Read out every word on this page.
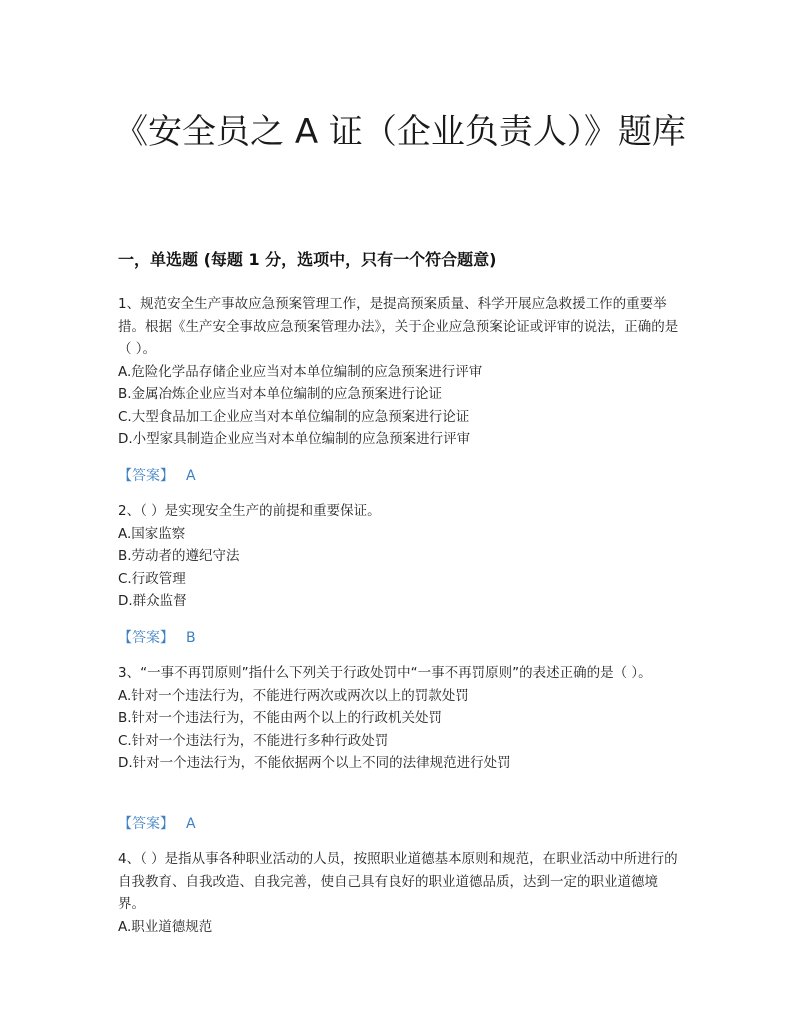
《安全员之 A 证（企业负责人）》题库
一，单选题 (每题 1 分，选项中，只有一个符合题意)

1、规范安全生产事故应急预案管理工作，是提高预案质量、科学开展应急救援工作的重要举措。根据《生产安全事故应急预案管理办法》，关于企业应急预案论证或评审的说法，正确的是（ ）。

A.危险化学品存储企业应当对本单位编制的应急预案进行评审

B.金属冶炼企业应当对本单位编制的应急预案进行论证

C.大型食品加工企业应当对本单位编制的应急预案进行论证

D.小型家具制造企业应当对本单位编制的应急预案进行评审

【答案】 A

2、（ ）是实现安全生产的前提和重要保证。

A.国家监察

B.劳动者的遵纪守法

C.行政管理

D.群众监督

【答案】 B

3、“一事不再罚原则”指什么下列关于行政处罚中“一事不再罚原则”的表述正确的是（ ）。

A.针对一个违法行为，不能进行两次或两次以上的罚款处罚

B.针对一个违法行为，不能由两个以上的行政机关处罚

C.针对一个违法行为，不能进行多种行政处罚

D.针对一个违法行为，不能依据两个以上不同的法律规范进行处罚

【答案】 A

4、（ ）是指从事各种职业活动的人员，按照职业道德基本原则和规范，在职业活动中所进行的自我教育、自我改造、自我完善，使自己具有良好的职业道德品质，达到一定的职业道德境界。

A.职业道德规范
